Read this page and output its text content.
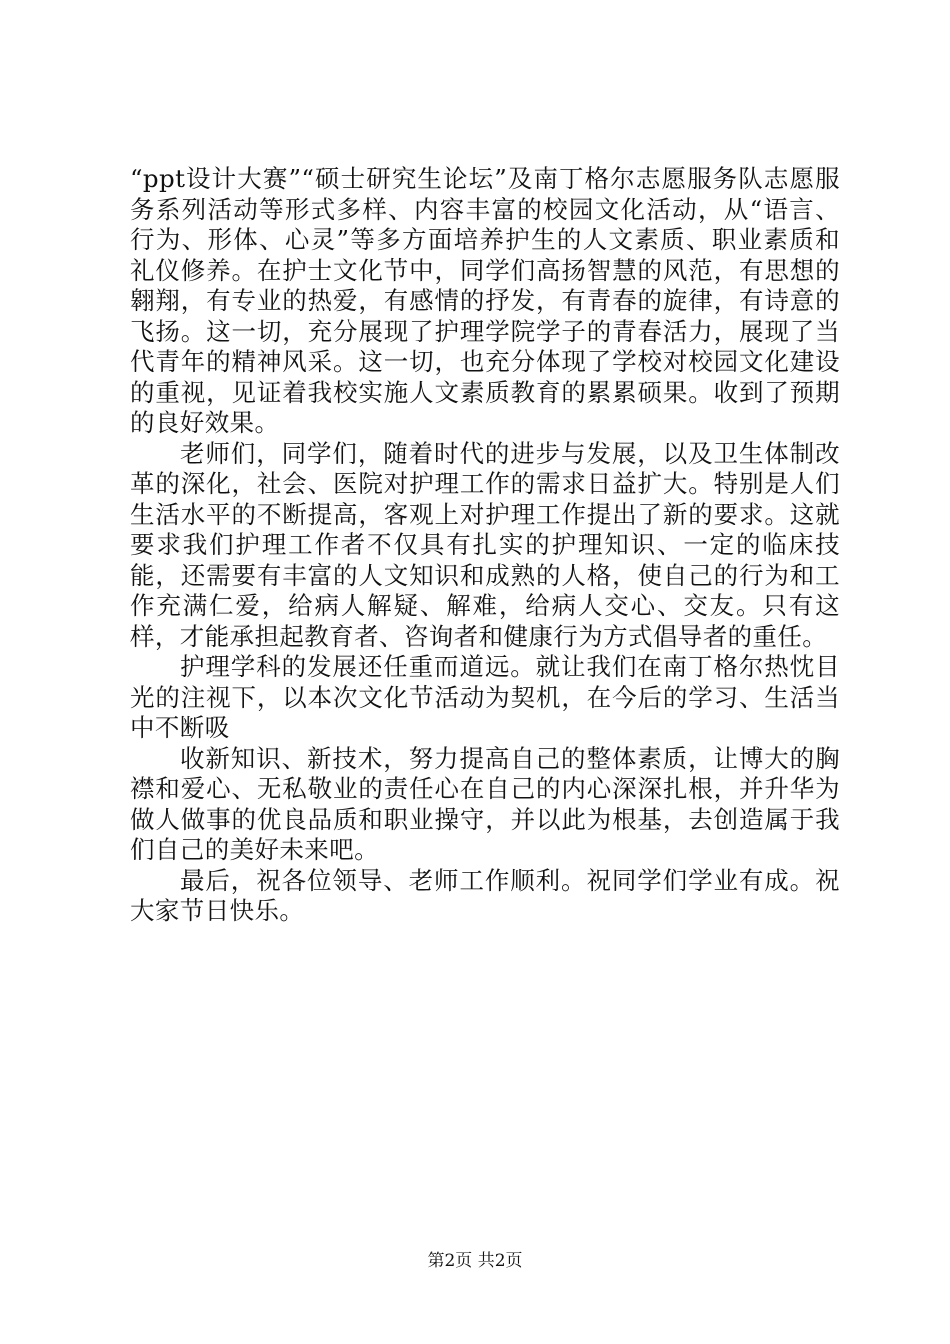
“ppt设计大赛”“硕士研究生论坛”及南丁格尔志愿服务队志愿服务系列活动等形式多样、内容丰富的校园文化活动，从“语言、行为、形体、心灵”等多方面培养护生的人文素质、职业素质和礼仪修养。在护士文化节中，同学们高扬智慧的风范，有思想的翱翔，有专业的热爱，有感情的抒发，有青春的旋律，有诗意的飞扬。这一切，充分展现了护理学院学子的青春活力，展现了当代青年的精神风采。这一切，也充分体现了学校对校园文化建设的重视，见证着我校实施人文素质教育的累累硕果。收到了预期的良好效果。

老师们，同学们，随着时代的进步与发展，以及卫生体制改革的深化，社会、医院对护理工作的需求日益扩大。特别是人们生活水平的不断提高，客观上对护理工作提出了新的要求。这就要求我们护理工作者不仅具有扎实的护理知识、一定的临床技能，还需要有丰富的人文知识和成熟的人格，使自己的行为和工作充满仁爱，给病人解疑、解难，给病人交心、交友。只有这样，才能承担起教育者、咨询者和健康行为方式倡导者的重任。

护理学科的发展还任重而道远。就让我们在南丁格尔热忱目光的注视下，以本次文化节活动为契机，在今后的学习、生活当中不断吸

收新知识、新技术，努力提高自己的整体素质，让博大的胸襟和爱心、无私敬业的责任心在自己的内心深深扎根，并升华为做人做事的优良品质和职业操守，并以此为根基，去创造属于我们自己的美好未来吧。

最后，祝各位领导、老师工作顺利。祝同学们学业有成。祝大家节日快乐。

第2页 共2页
